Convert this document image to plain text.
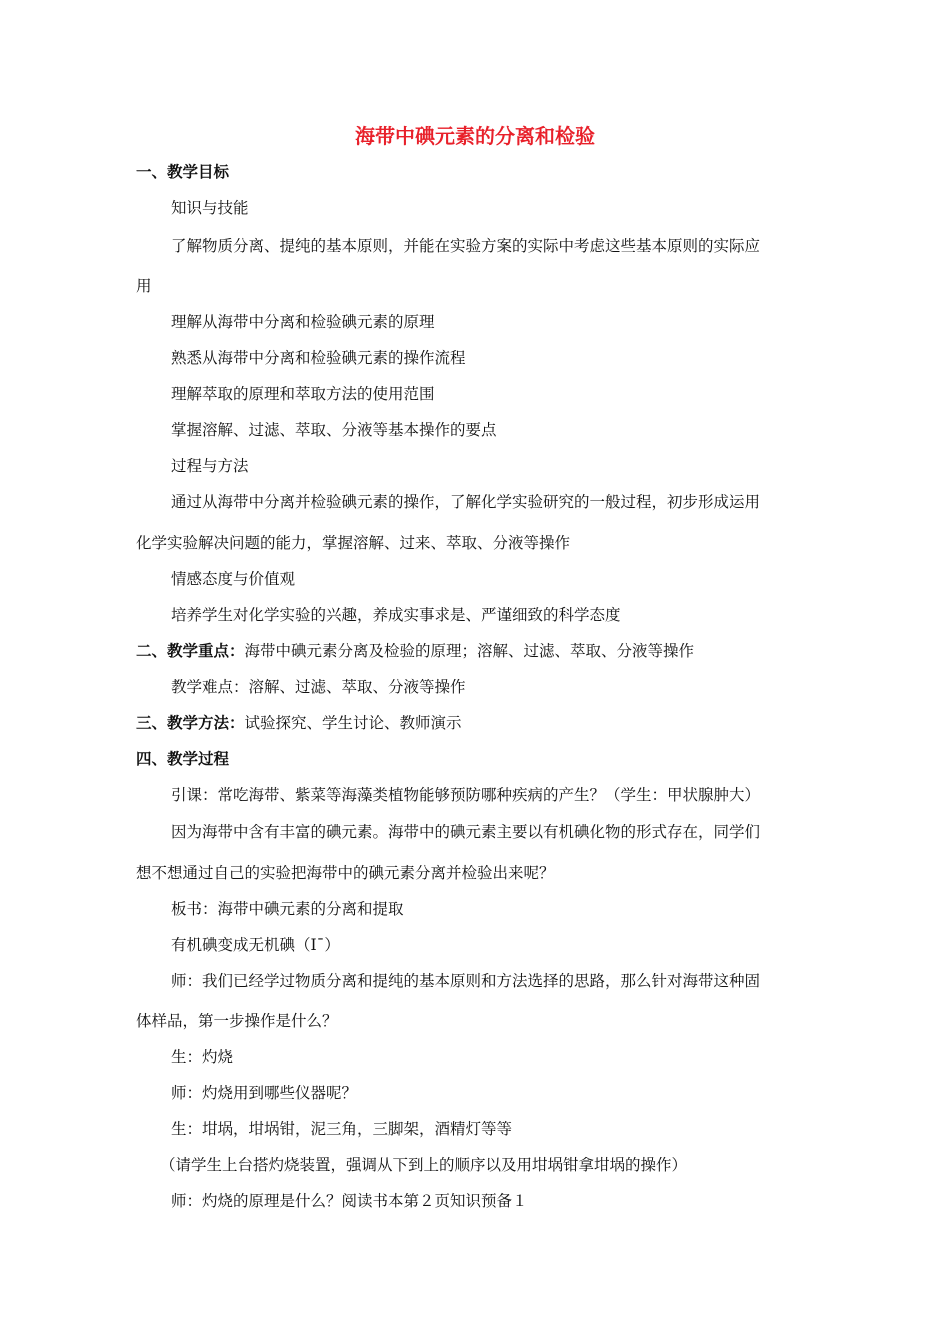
海带中碘元素的分离和检验
一、教学目标
知识与技能
了解物质分离、提纯的基本原则，并能在实验方案的实际中考虑这些基本原则的实际应
用
理解从海带中分离和检验碘元素的原理
熟悉从海带中分离和检验碘元素的操作流程
理解萃取的原理和萃取方法的使用范围
掌握溶解、过滤、萃取、分液等基本操作的要点
过程与方法
通过从海带中分离并检验碘元素的操作，了解化学实验研究的一般过程，初步形成运用
化学实验解决问题的能力，掌握溶解、过来、萃取、分液等操作
情感态度与价值观
培养学生对化学实验的兴趣，养成实事求是、严谨细致的科学态度
二、教学重点：海带中碘元素分离及检验的原理；溶解、过滤、萃取、分液等操作
教学难点：溶解、过滤、萃取、分液等操作
三、教学方法：试验探究、学生讨论、教师演示
四、教学过程
引课：常吃海带、紫菜等海藻类植物能够预防哪种疾病的产生？（学生：甲状腺肿大）
因为海带中含有丰富的碘元素。海带中的碘元素主要以有机碘化物的形式存在，同学们
想不想通过自己的实验把海带中的碘元素分离并检验出来呢？
板书：海带中碘元素的分离和提取
有机碘变成无机碘（I¯）
师：我们已经学过物质分离和提纯的基本原则和方法选择的思路，那么针对海带这种固
体样品，第一步操作是什么？
生：灼烧
师：灼烧用到哪些仪器呢？
生：坩埚，坩埚钳，泥三角，三脚架，酒精灯等等
（请学生上台搭灼烧装置，强调从下到上的顺序以及用坩埚钳拿坩埚的操作）
师：灼烧的原理是什么？阅读书本第２页知识预备１
